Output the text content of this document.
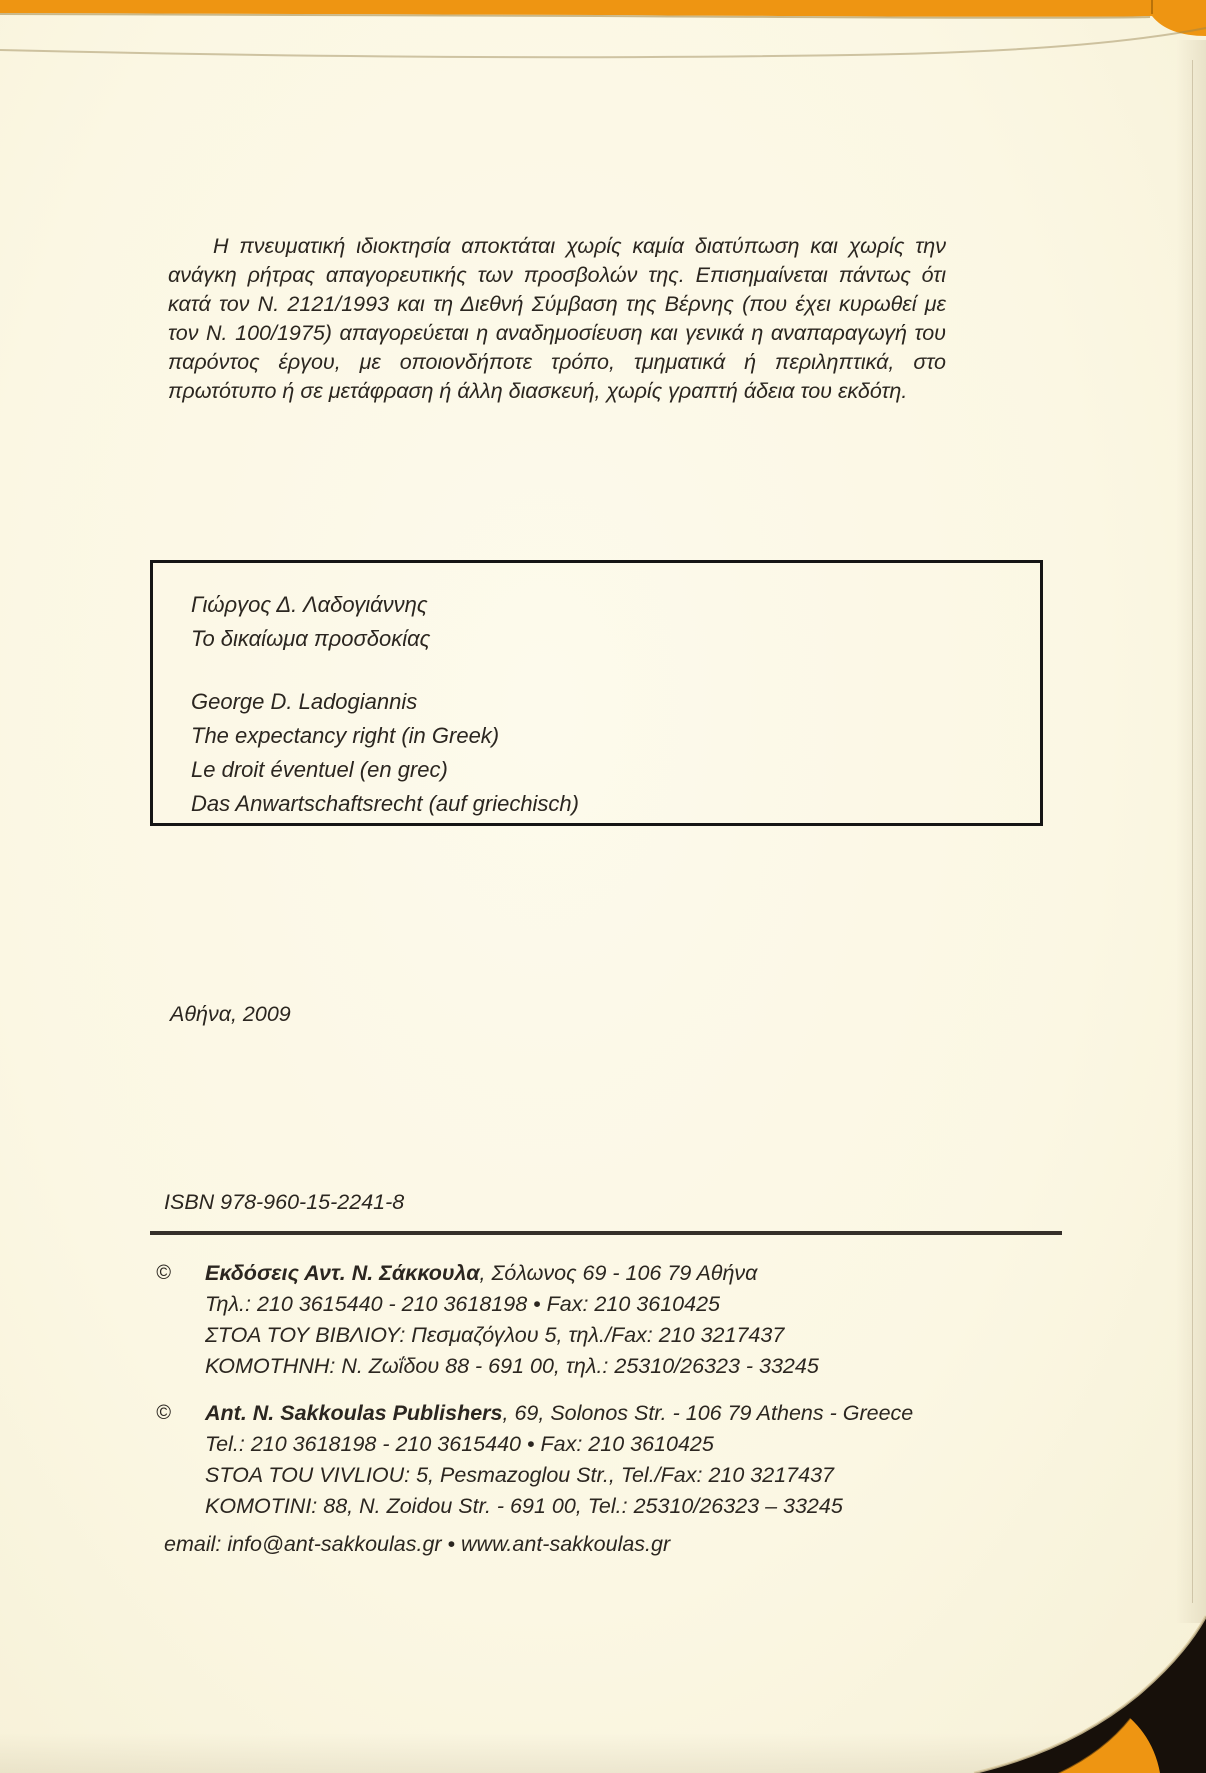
Η πνευματική ιδιοκτησία αποκτάται χωρίς καμία διατύπωση και χωρίς την ανάγκη ρήτρας απαγορευτικής των προσβολών της. Επισημαίνεται πάντως ότι κατά τον Ν. 2121/1993 και τη Διεθνή Σύμβαση της Βέρνης (που έχει κυρωθεί με τον Ν. 100/1975) απαγορεύεται η αναδημοσίευση και γενικά η αναπαραγωγή του παρόντος έργου, με οποιονδήποτε τρόπο, τμηματικά ή περιληπτικά, στο πρωτότυπο ή σε μετάφραση ή άλλη διασκευή, χωρίς γραπτή άδεια του εκδότη.

Γιώργος Δ. Λαδογιάννης
Το δικαίωμα προσδοκίας
George D. Ladogiannis
The expectancy right (in Greek)
Le droit éventuel (en grec)
Das Anwartschaftsrecht (auf griechisch)
Αθήνα, 2009
ISBN 978-960-15-2241-8
©	Εκδόσεις Αντ. Ν. Σάκκουλα, Σόλωνος 69 - 106 79 Αθήνα
Τηλ.: 210 3615440 - 210 3618198 • Fax: 210 3610425
ΣΤΟΑ ΤΟΥ ΒΙΒΛΙΟΥ: Πεσμαζόγλου 5, τηλ./Fax: 210 3217437
ΚΟΜΟΤΗΝΗ: Ν. Ζωΐδου 88 - 691 00, τηλ.: 25310/26323 - 33245
©	Ant. N. Sakkoulas Publishers, 69, Solonos Str. - 106 79 Athens - Greece
Tel.: 210 3618198 - 210 3615440 • Fax: 210 3610425
STOA TOU VIVLIOU: 5, Pesmazoglou Str., Tel./Fax: 210 3217437
KOMOTINI: 88, N. Zoidou Str. - 691 00, Tel.: 25310/26323 – 33245
email: info@ant-sakkoulas.gr • www.ant-sakkoulas.gr
